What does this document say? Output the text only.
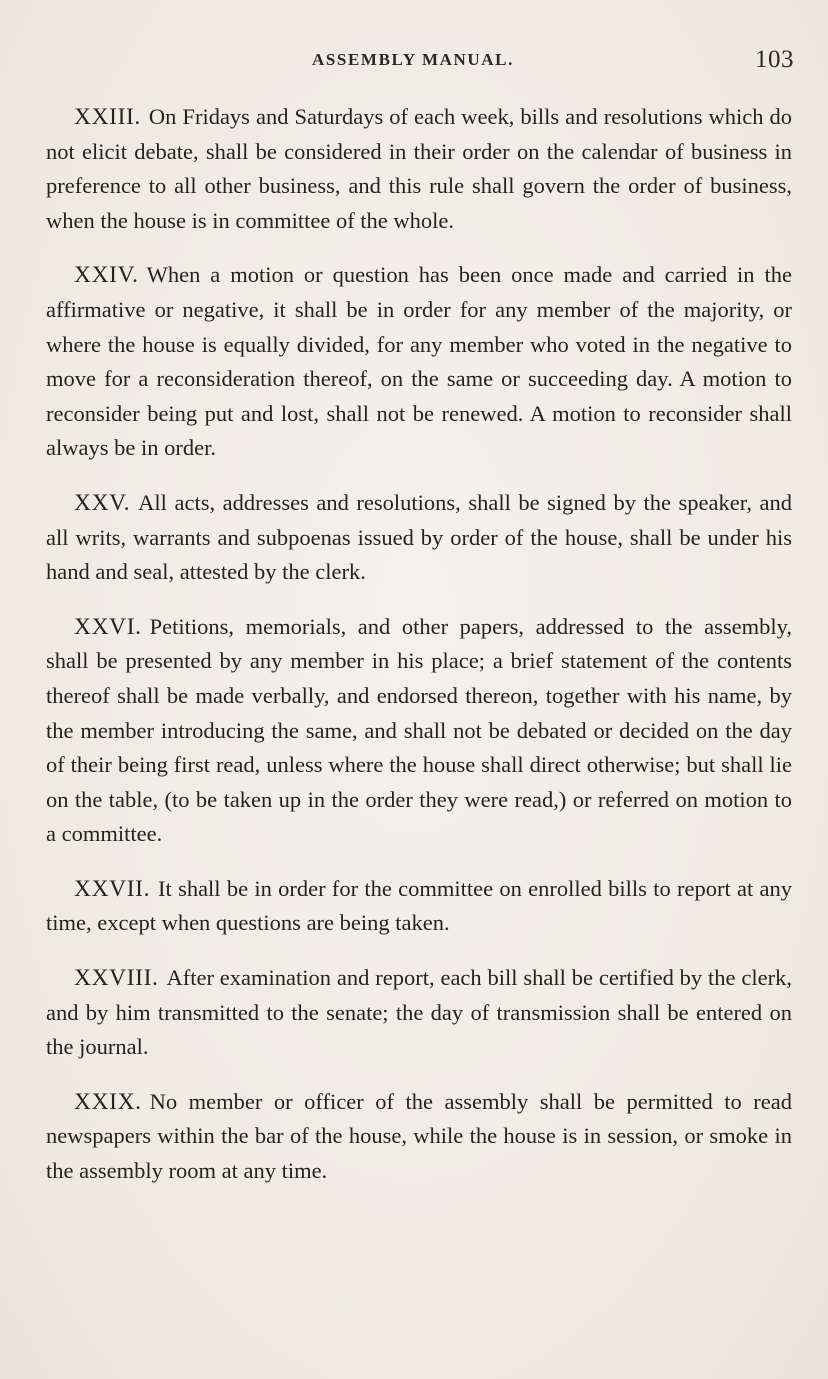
ASSEMBLY MANUAL.	103

XXIII. On Fridays and Saturdays of each week, bills and resolutions which do not elicit debate, shall be considered in their order on the calendar of business in preference to all other business, and this rule shall govern the order of business, when the house is in committee of the whole.

XXIV. When a motion or question has been once made and carried in the affirmative or negative, it shall be in order for any member of the majority, or where the house is equally divided, for any member who voted in the negative to move for a reconsideration thereof, on the same or succeeding day. A motion to reconsider being put and lost, shall not be renewed. A motion to reconsider shall always be in order.

XXV. All acts, addresses and resolutions, shall be signed by the speaker, and all writs, warrants and subpoenas issued by order of the house, shall be under his hand and seal, attested by the clerk.

XXVI. Petitions, memorials, and other papers, addressed to the assembly, shall be presented by any member in his place; a brief statement of the contents thereof shall be made verbally, and endorsed thereon, together with his name, by the member introducing the same, and shall not be debated or decided on the day of their being first read, unless where the house shall direct otherwise; but shall lie on the table, (to be taken up in the order they were read,) or referred on motion to a committee.

XXVII. It shall be in order for the committee on enrolled bills to report at any time, except when questions are being taken.

XXVIII. After examination and report, each bill shall be certified by the clerk, and by him transmitted to the senate; the day of transmission shall be entered on the journal.

XXIX. No member or officer of the assembly shall be permitted to read newspapers within the bar of the house, while the house is in session, or smoke in the assembly room at any time.
